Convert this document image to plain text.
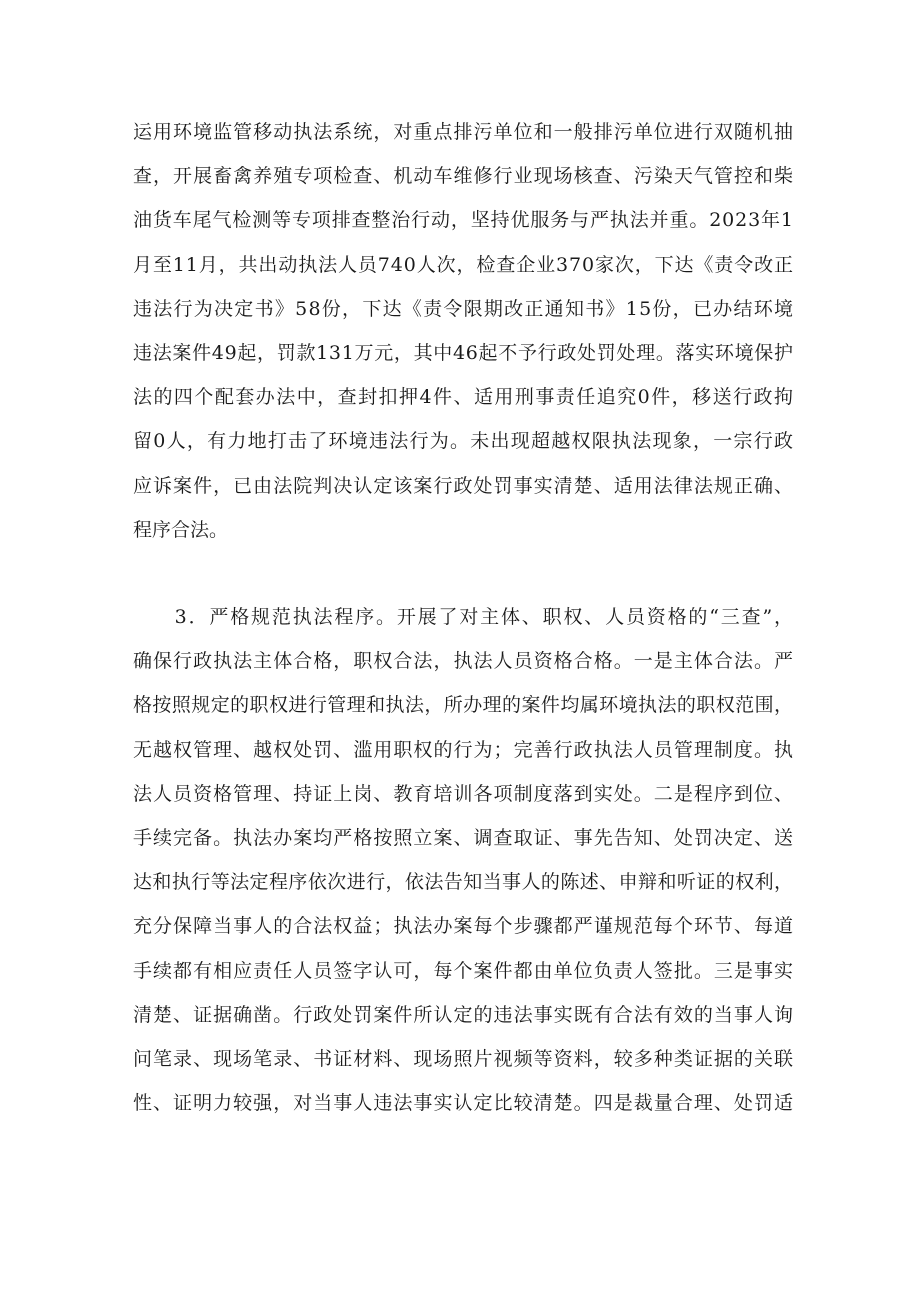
运用环境监管移动执法系统，对重点排污单位和一般排污单位进行双随机抽
查，开展畜禽养殖专项检查、机动车维修行业现场核查、污染天气管控和柴
油货车尾气检测等专项排查整治行动，坚持优服务与严执法并重。2023年1
月至11月，共出动执法人员740人次，检查企业370家次，下达《责令改正
违法行为决定书》58份，下达《责令限期改正通知书》15份，已办结环境
违法案件49起，罚款131万元，其中46起不予行政处罚处理。落实环境保护
法的四个配套办法中，查封扣押4件、适用刑事责任追究0件，移送行政拘
留0人，有力地打击了环境违法行为。未出现超越权限执法现象，一宗行政
应诉案件，已由法院判决认定该案行政处罚事实清楚、适用法律法规正确、
程序合法。
　　3．严格规范执法程序。开展了对主体、职权、人员资格的“三查”，
确保行政执法主体合格，职权合法，执法人员资格合格。一是主体合法。严
格按照规定的职权进行管理和执法，所办理的案件均属环境执法的职权范围，
无越权管理、越权处罚、滥用职权的行为；完善行政执法人员管理制度。执
法人员资格管理、持证上岗、教育培训各项制度落到实处。二是程序到位、
手续完备。执法办案均严格按照立案、调查取证、事先告知、处罚决定、送
达和执行等法定程序依次进行，依法告知当事人的陈述、申辩和听证的权利，
充分保障当事人的合法权益；执法办案每个步骤都严谨规范每个环节、每道
手续都有相应责任人员签字认可，每个案件都由单位负责人签批。三是事实
清楚、证据确凿。行政处罚案件所认定的违法事实既有合法有效的当事人询
问笔录、现场笔录、书证材料、现场照片视频等资料，较多种类证据的关联
性、证明力较强，对当事人违法事实认定比较清楚。四是裁量合理、处罚适
